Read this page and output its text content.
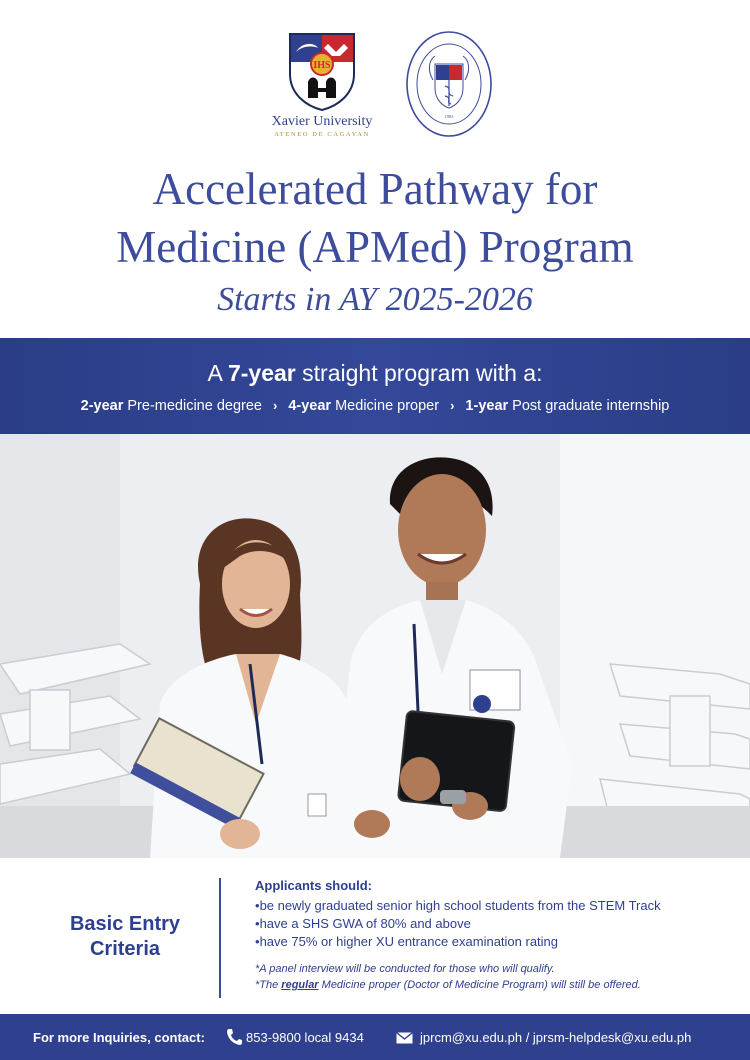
IHS
Xavier University
ATENEO DE CAGAYAN
1983
Accelerated Pathway for
Medicine (APMed) Program
Starts in AY 2025-2026
A 7-year straight program with a:
2-year Pre-medicine degree › 4-year Medicine proper › 1-year Post graduate internship
Basic Entry
Criteria
Applicants should:
• be newly graduated senior high school students from the STEM Track
• have a SHS GWA of 80% and above
• have 75% or higher XU entrance examination rating
*A panel interview will be conducted for those who will qualify.
*The regular Medicine proper (Doctor of Medicine Program) will still be offered.
For more Inquiries, contact:	853-9800 local 9434	jprcm@xu.edu.ph / jprsm-helpdesk@xu.edu.ph
